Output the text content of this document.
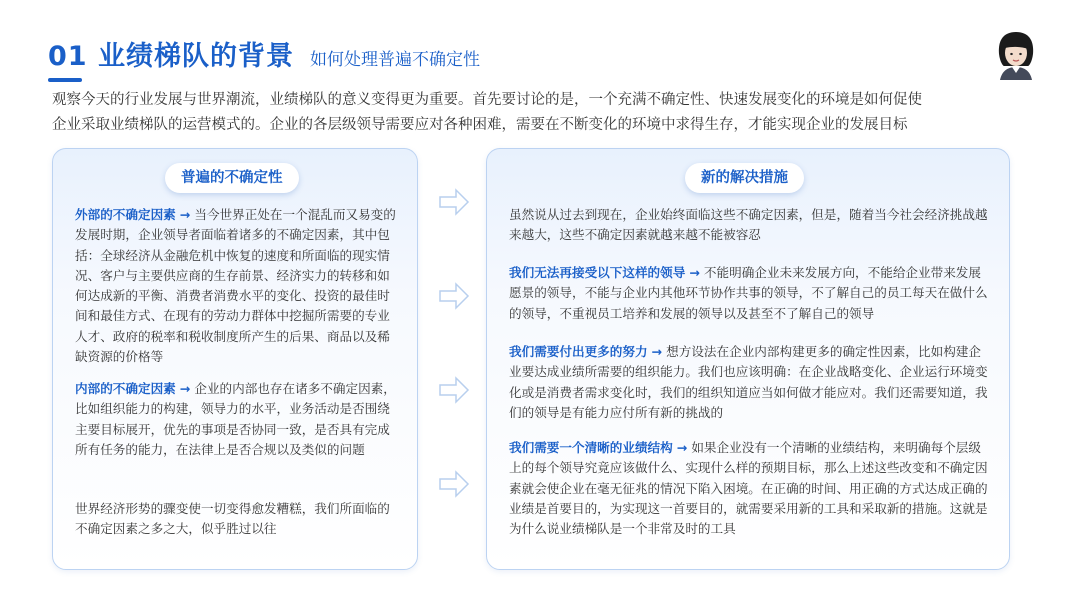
01 业绩梯队的背景 如何处理普遍不确定性

观察今天的行业发展与世界潮流，业绩梯队的意义变得更为重要。首先要讨论的是，一个充满不确定性、快速发展变化的环境是如何促使

企业采取业绩梯队的运营模式的。企业的各层级领导需要应对各种困难，需要在不断变化的环境中求得生存，才能实现企业的发展目标

普遍的不确定性

外部的不确定因素 → 当今世界正处在一个混乱而又易变的发展时期，企业领导者面临着诸多的不确定因素，其中包括：全球经济从金融危机中恢复的速度和所面临的现实情况、客户与主要供应商的生存前景、经济实力的转移和如何达成新的平衡、消费者消费水平的变化、投资的最佳时间和最佳方式、在现有的劳动力群体中挖掘所需要的专业人才、政府的税率和税收制度所产生的后果、商品以及稀缺资源的价格等

内部的不确定因素 → 企业的内部也存在诸多不确定因素，比如组织能力的构建，领导力的水平，业务活动是否围绕主要目标展开，优先的事项是否协同一致，是否具有完成所有任务的能力，在法律上是否合规以及类似的问题

世界经济形势的骤变使一切变得愈发糟糕，我们所面临的不确定因素之多之大，似乎胜过以往

新的解决措施

虽然说从过去到现在，企业始终面临这些不确定因素，但是，随着当今社会经济挑战越来越大，这些不确定因素就越来越不能被容忍

我们无法再接受以下这样的领导 → 不能明确企业未来发展方向，不能给企业带来发展愿景的领导，不能与企业内其他环节协作共事的领导，不了解自己的员工每天在做什么的领导，不重视员工培养和发展的领导以及甚至不了解自己的领导

我们需要付出更多的努力 → 想方设法在企业内部构建更多的确定性因素，比如构建企业要达成业绩所需要的组织能力。我们也应该明确：在企业战略变化、企业运行环境变化或是消费者需求变化时，我们的组织知道应当如何做才能应对。我们还需要知道，我们的领导是有能力应付所有新的挑战的

我们需要一个清晰的业绩结构 → 如果企业没有一个清晰的业绩结构，来明确每个层级上的每个领导究竟应该做什么、实现什么样的预期目标，那么上述这些改变和不确定因素就会使企业在毫无征兆的情况下陷入困境。在正确的时间、用正确的方式达成正确的业绩是首要目的，为实现这一首要目的，就需要采用新的工具和采取新的措施。这就是为什么说业绩梯队是一个非常及时的工具
